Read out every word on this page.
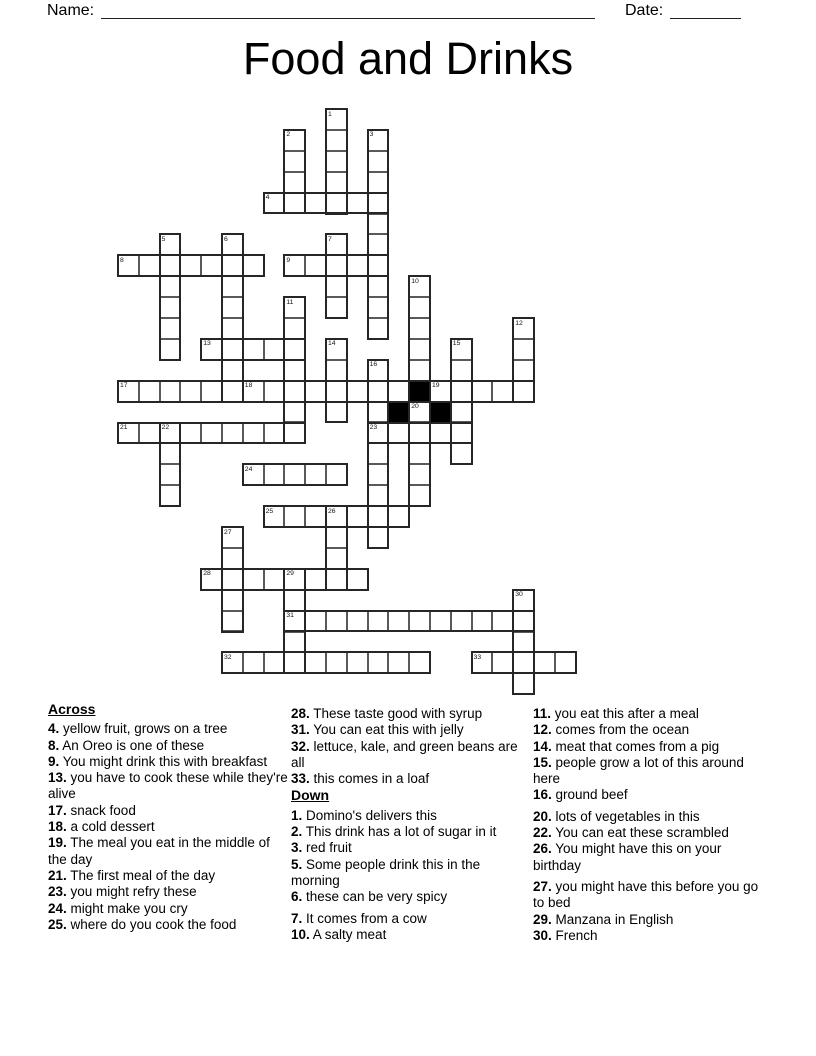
Name:	Date:
Food and Drinks
4
8	9
13
17	18	19
21	23
24
25
28
31
32	33
1
2	3
5	6	7
10
11
12
14	15
16
20
22
26
27
29
30
Across
4. yellow fruit, grows on a tree
8. An Oreo is one of these
9. You might drink this with breakfast
13. you have to cook these while they're alive
17. snack food
18. a cold dessert
19. The meal you eat in the middle of the day
21. The first meal of the day
23. you might refry these
24. might make you cry
25. where do you cook the food
28. These taste good with syrup
31. You can eat this with jelly
32. lettuce, kale, and green beans are all
33. this comes in a loaf
Down
1. Domino's delivers this
2. This drink has a lot of sugar in it
3. red fruit
5. Some people drink this in the morning
6. these can be very spicy
7. It comes from a cow
10. A salty meat
11. you eat this after a meal
12. comes from the ocean
14. meat that comes from a pig
15. people grow a lot of this around here
16. ground beef
20. lots of vegetables in this
22. You can eat these scrambled
26. You might have this on your birthday
27. you might have this before you go to bed
29. Manzana in English
30. French
